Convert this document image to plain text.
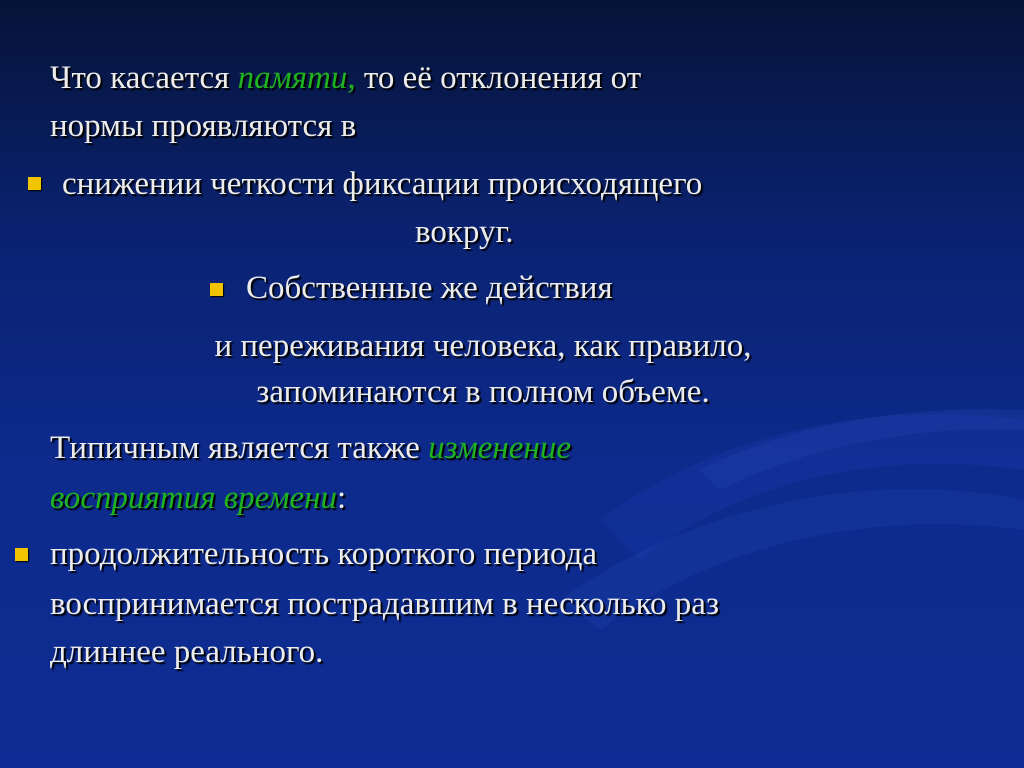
Что касается памяти, то её отклонения от
нормы проявляются в
снижении четкости фиксации происходящего
вокруг.
Собственные же действия
и переживания человека, как правило,
запоминаются в полном объеме.
Типичным является также изменение
восприятия времени:
продолжительность короткого периода
воспринимается пострадавшим в несколько раз
длиннее реального.
